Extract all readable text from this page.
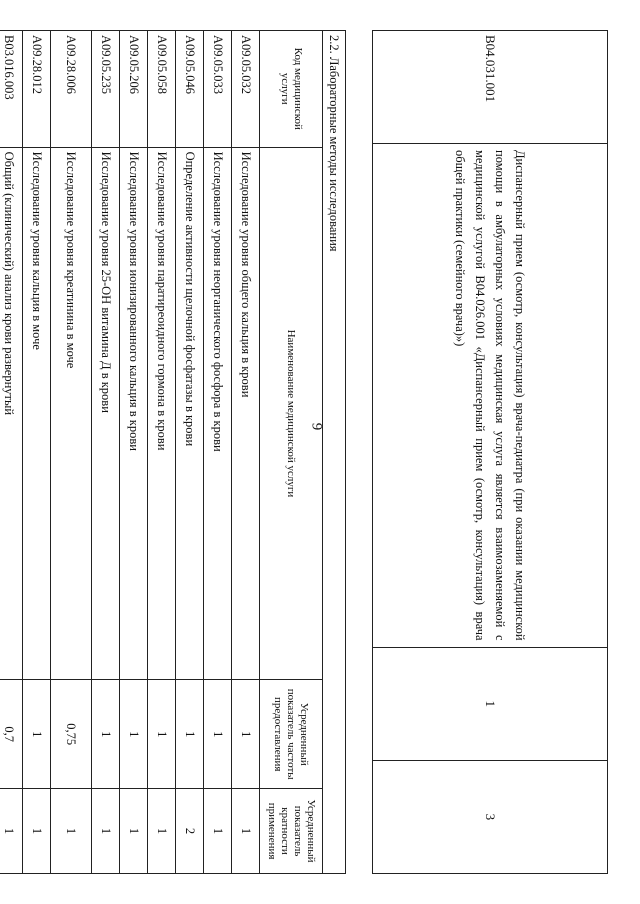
9
B04.031.001	Диспансерный прием (осмотр, консультация) врача-педиатра (при оказании медицинской помощи в амбулаторных условиях медицинская услуга является взаимозаменяемой с медицинской услугой B04.026.001 «Диспансерный прием (осмотр, консультация) врача общей практики (семейного врача)»)	1	3
2.2. Лабораторные методы исследования			
Код медицинской услуги	Наименование медицинской услуги	Усредненный показатель частоты предоставления	Усредненный показатель кратности применения
A09.05.032	Исследование уровня общего кальция в крови	1	1
A09.05.033	Исследование уровня неорганического фосфора в крови	1	1
A09.05.046	Определение активности щелочной фосфатазы в крови	1	2
A09.05.058	Исследование уровня паратиреоидного гормона в крови	1	1
A09.05.206	Исследование уровня ионизированного кальция в крови	1	1
A09.05.235	Исследование уровня 25-ОН витамина Д в крови	1	1
A09.28.006	Исследование уровня креатинина в моче	0,75	1
A09.28.012	Исследование уровня кальция в моче	1	1
B03.016.003	Общий (клинический) анализ крови развернутый	0,7	1
